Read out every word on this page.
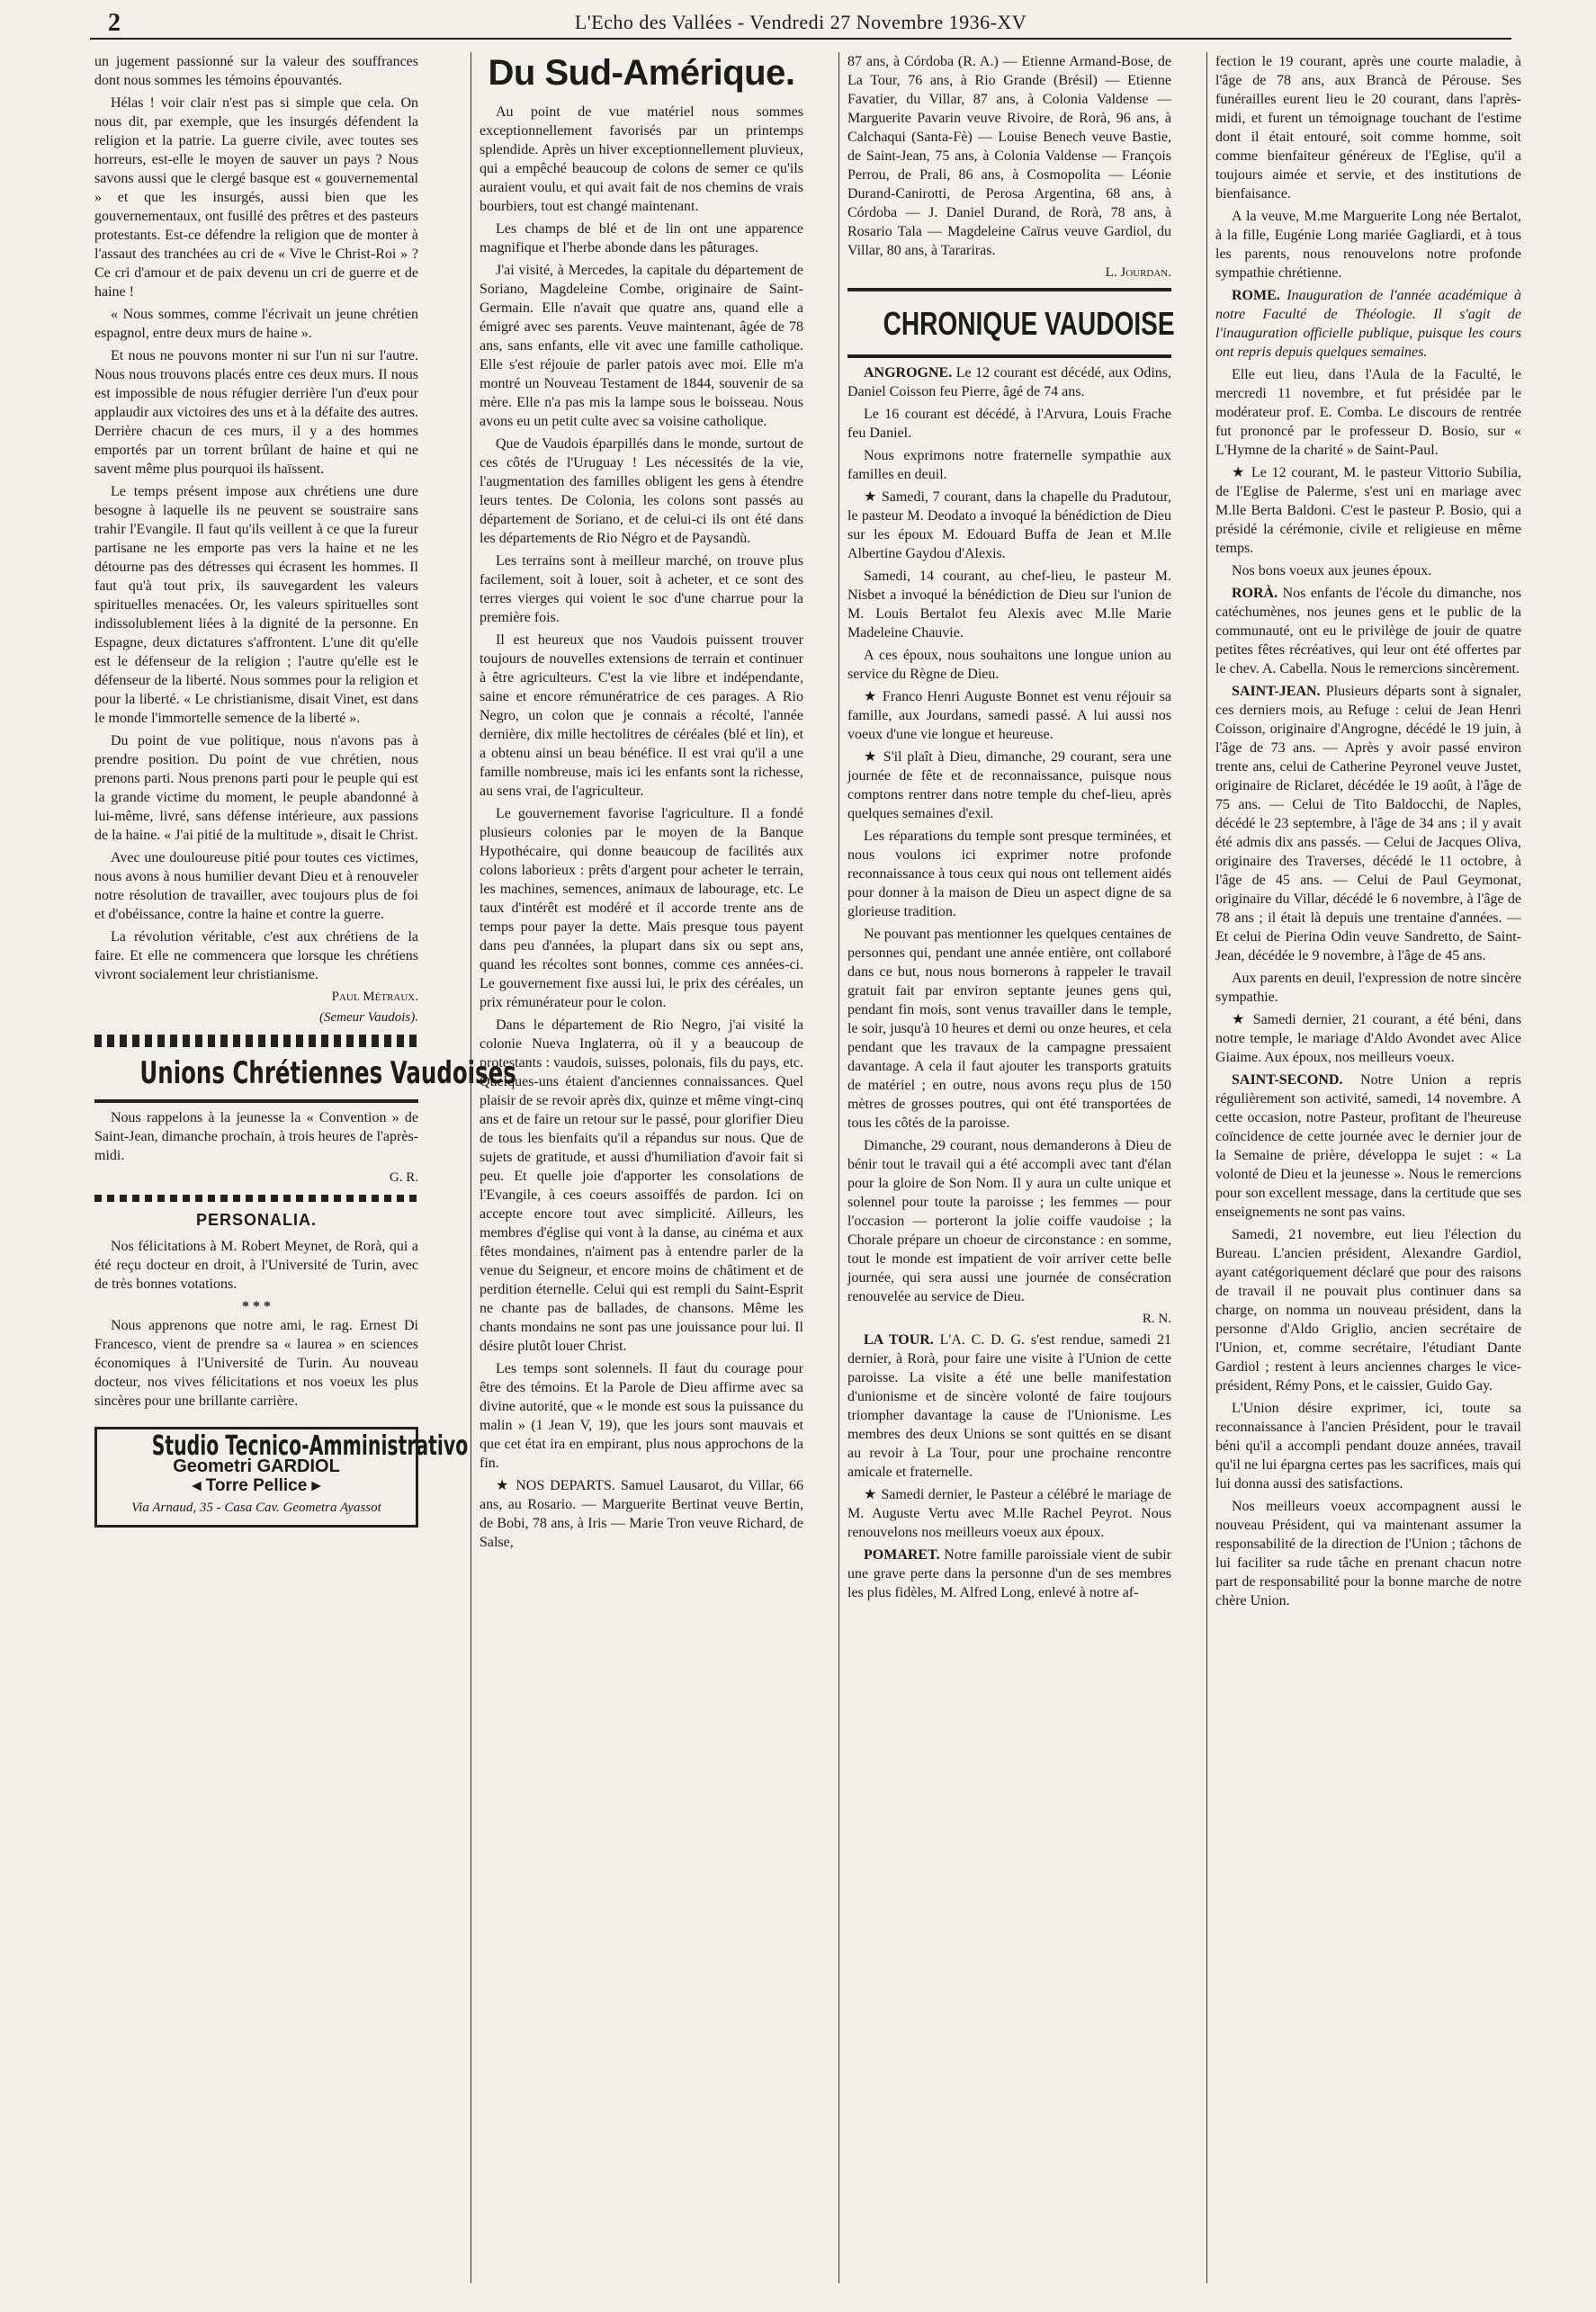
2	L'Echo des Vallées - Vendredi 27 Novembre 1936-XV

un jugement passionné sur la valeur des souffrances dont nous sommes les témoins épouvantés.

Hélas ! voir clair n'est pas si simple que cela. On nous dit, par exemple, que les insurgés défendent la religion et la patrie. La guerre civile, avec toutes ses horreurs, est-elle le moyen de sauver un pays ? Nous savons aussi que le clergé basque est « gouvernemental » et que les insurgés, aussi bien que les gouvernementaux, ont fusillé des prêtres et des pasteurs protestants. Est-ce défendre la religion que de monter à l'assaut des tranchées au cri de « Vive le Christ-Roi » ? Ce cri d'amour et de paix devenu un cri de guerre et de haine !

« Nous sommes, comme l'écrivait un jeune chrétien espagnol, entre deux murs de haine ».

Et nous ne pouvons monter ni sur l'un ni sur l'autre. Nous nous trouvons placés entre ces deux murs. Il nous est impossible de nous réfugier derrière l'un d'eux pour applaudir aux victoires des uns et à la défaite des autres. Derrière chacun de ces murs, il y a des hommes emportés par un torrent brûlant de haine et qui ne savent même plus pourquoi ils haïssent.

Le temps présent impose aux chrétiens une dure besogne à laquelle ils ne peuvent se soustraire sans trahir l'Evangile. Il faut qu'ils veillent à ce que la fureur partisane ne les emporte pas vers la haine et ne les détourne pas des détresses qui écrasent les hommes. Il faut qu'à tout prix, ils sauvegardent les valeurs spirituelles menacées. Or, les valeurs spirituelles sont indissolublement liées à la dignité de la personne. En Espagne, deux dictatures s'affrontent. L'une dit qu'elle est le défenseur de la religion ; l'autre qu'elle est le défenseur de la liberté. Nous sommes pour la religion et pour la liberté. « Le christianisme, disait Vinet, est dans le monde l'immortelle semence de la liberté ».

Du point de vue politique, nous n'avons pas à prendre position. Du point de vue chrétien, nous prenons parti. Nous prenons parti pour le peuple qui est la grande victime du moment, le peuple abandonné à lui-même, livré, sans défense intérieure, aux passions de la haine. « J'ai pitié de la multitude », disait le Christ.

Avec une douloureuse pitié pour toutes ces victimes, nous avons à nous humilier devant Dieu et à renouveler notre résolution de travailler, avec toujours plus de foi et d'obéissance, contre la haine et contre la guerre.

La révolution véritable, c'est aux chrétiens de la faire. Et elle ne commencera que lorsque les chrétiens vivront socialement leur christianisme.

Paul Métraux.
(Semeur Vaudois).
Unions Chrétiennes Vaudoises

Nous rappelons à la jeunesse la « Convention » de Saint-Jean, dimanche prochain, à trois heures de l'après-midi.

G. R.
PERSONALIA.

Nos félicitations à M. Robert Meynet, de Rorà, qui a été reçu docteur en droit, à l'Université de Turin, avec de très bonnes votations.

* * *

Nous apprenons que notre ami, le rag. Ernest Di Francesco, vient de prendre sa « laurea » en sciences économiques à l'Université de Turin. Au nouveau docteur, nos vives félicitations et nos voeux les plus sincères pour une brillante carrière.

Studio Tecnico-Amministrativo
Geometri GARDIOL
◂ Torre Pellice ▸
Via Arnaud, 35 - Casa Cav. Geometra Ayassot
Du Sud-Amérique.

Au point de vue matériel nous sommes exceptionnellement favorisés par un printemps splendide. Après un hiver exceptionnellement pluvieux, qui a empêché beaucoup de colons de semer ce qu'ils auraient voulu, et qui avait fait de nos chemins de vrais bourbiers, tout est changé maintenant.

Les champs de blé et de lin ont une apparence magnifique et l'herbe abonde dans les pâturages.

J'ai visité, à Mercedes, la capitale du département de Soriano, Magdeleine Combe, originaire de Saint-Germain. Elle n'avait que quatre ans, quand elle a émigré avec ses parents. Veuve maintenant, âgée de 78 ans, sans enfants, elle vit avec une famille catholique. Elle s'est réjouie de parler patois avec moi. Elle m'a montré un Nouveau Testament de 1844, souvenir de sa mère. Elle n'a pas mis la lampe sous le boisseau. Nous avons eu un petit culte avec sa voisine catholique.

Que de Vaudois éparpillés dans le monde, surtout de ces côtés de l'Uruguay ! Les nécessités de la vie, l'augmentation des familles obligent les gens à étendre leurs tentes. De Colonia, les colons sont passés au département de Soriano, et de celui-ci ils ont été dans les départements de Rio Négro et de Paysandù.

Les terrains sont à meilleur marché, on trouve plus facilement, soit à louer, soit à acheter, et ce sont des terres vierges qui voient le soc d'une charrue pour la première fois.

Il est heureux que nos Vaudois puissent trouver toujours de nouvelles extensions de terrain et continuer à être agriculteurs. C'est la vie libre et indépendante, saine et encore rémunératrice de ces parages. A Rio Negro, un colon que je connais a récolté, l'année dernière, dix mille hectolitres de céréales (blé et lin), et a obtenu ainsi un beau bénéfice. Il est vrai qu'il a une famille nombreuse, mais ici les enfants sont la richesse, au sens vrai, de l'agriculteur.

Le gouvernement favorise l'agriculture. Il a fondé plusieurs colonies par le moyen de la Banque Hypothécaire, qui donne beaucoup de facilités aux colons laborieux : prêts d'argent pour acheter le terrain, les machines, semences, animaux de labourage, etc. Le taux d'intérêt est modéré et il accorde trente ans de temps pour payer la dette. Mais presque tous payent dans peu d'années, la plupart dans six ou sept ans, quand les récoltes sont bonnes, comme ces années-ci. Le gouvernement fixe aussi lui, le prix des céréales, un prix rémunérateur pour le colon.

Dans le département de Rio Negro, j'ai visité la colonie Nueva Inglaterra, où il y a beaucoup de protestants : vaudois, suisses, polonais, fils du pays, etc. Quelques-uns étaient d'anciennes connaissances. Quel plaisir de se revoir après dix, quinze et même vingt-cinq ans et de faire un retour sur le passé, pour glorifier Dieu de tous les bienfaits qu'il a répandus sur nous. Que de sujets de gratitude, et aussi d'humiliation d'avoir fait si peu. Et quelle joie d'apporter les consolations de l'Evangile, à ces coeurs assoiffés de pardon. Ici on accepte encore tout avec simplicité. Ailleurs, les membres d'église qui vont à la danse, au cinéma et aux fêtes mondaines, n'aiment pas à entendre parler de la venue du Seigneur, et encore moins de châtiment et de perdition éternelle. Celui qui est rempli du Saint-Esprit ne chante pas de ballades, de chansons. Même les chants mondains ne sont pas une jouissance pour lui. Il désire plutôt louer Christ.

Les temps sont solennels. Il faut du courage pour être des témoins. Et la Parole de Dieu affirme avec sa divine autorité, que « le monde est sous la puissance du malin » (1 Jean V, 19), que les jours sont mauvais et que cet état ira en empirant, plus nous approchons de la fin.

★ NOS DEPARTS. Samuel Lausarot, du Villar, 66 ans, au Rosario. — Marguerite Bertinat veuve Bertin, de Bobi, 78 ans, à Iris — Marie Tron veuve Richard, de Salse,

87 ans, à Córdoba (R. A.) — Etienne Armand-Bose, de La Tour, 76 ans, à Rio Grande (Brésil) — Etienne Favatier, du Villar, 87 ans, à Colonia Valdense — Marguerite Pavarin veuve Rivoire, de Rorà, 96 ans, à Calchaqui (Santa-Fè) — Louise Benech veuve Bastie, de Saint-Jean, 75 ans, à Colonia Valdense — François Perrou, de Prali, 86 ans, à Cosmopolita — Léonie Durand-Canirotti, de Perosa Argentina, 68 ans, à Córdoba — J. Daniel Durand, de Rorà, 78 ans, à Rosario Tala — Magdeleine Caïrus veuve Gardiol, du Villar, 80 ans, à Tarariras.

L. Jourdan.
CHRONIQUE VAUDOISE

ANGROGNE. Le 12 courant est décédé, aux Odins, Daniel Coisson feu Pierre, âgé de 74 ans.

Le 16 courant est décédé, à l'Arvura, Louis Frache feu Daniel.

Nous exprimons notre fraternelle sympathie aux familles en deuil.

★ Samedi, 7 courant, dans la chapelle du Pradutour, le pasteur M. Deodato a invoqué la bénédiction de Dieu sur les époux M. Edouard Buffa de Jean et M.lle Albertine Gaydou d'Alexis.

Samedi, 14 courant, au chef-lieu, le pasteur M. Nisbet a invoqué la bénédiction de Dieu sur l'union de M. Louis Bertalot feu Alexis avec M.lle Marie Madeleine Chauvie.

A ces époux, nous souhaitons une longue union au service du Règne de Dieu.

★ Franco Henri Auguste Bonnet est venu réjouir sa famille, aux Jourdans, samedi passé. A lui aussi nos voeux d'une vie longue et heureuse.

★ S'il plaît à Dieu, dimanche, 29 courant, sera une journée de fête et de reconnaissance, puisque nous comptons rentrer dans notre temple du chef-lieu, après quelques semaines d'exil.

Les réparations du temple sont presque terminées, et nous voulons ici exprimer notre profonde reconnaissance à tous ceux qui nous ont tellement aidés pour donner à la maison de Dieu un aspect digne de sa glorieuse tradition.

Ne pouvant pas mentionner les quelques centaines de personnes qui, pendant une année entière, ont collaboré dans ce but, nous nous bornerons à rappeler le travail gratuit fait par environ septante jeunes gens qui, pendant fin mois, sont venus travailler dans le temple, le soir, jusqu'à 10 heures et demi ou onze heures, et cela pendant que les travaux de la campagne pressaient davantage. A cela il faut ajouter les transports gratuits de matériel ; en outre, nous avons reçu plus de 150 mètres de grosses poutres, qui ont été transportées de tous les côtés de la paroisse.

Dimanche, 29 courant, nous demanderons à Dieu de bénir tout le travail qui a été accompli avec tant d'élan pour la gloire de Son Nom. Il y aura un culte unique et solennel pour toute la paroisse ; les femmes — pour l'occasion — porteront la jolie coiffe vaudoise ; la Chorale prépare un choeur de circonstance : en somme, tout le monde est impatient de voir arriver cette belle journée, qui sera aussi une journée de consécration renouvelée au service de Dieu.

R. N.

LA TOUR. L'A. C. D. G. s'est rendue, samedi 21 dernier, à Rorà, pour faire une visite à l'Union de cette paroisse. La visite a été une belle manifestation d'unionisme et de sincère volonté de faire toujours triompher davantage la cause de l'Unionisme. Les membres des deux Unions se sont quittés en se disant au revoir à La Tour, pour une prochaine rencontre amicale et fraternelle.

★ Samedi dernier, le Pasteur a célébré le mariage de M. Auguste Vertu avec M.lle Rachel Peyrot. Nous renouvelons nos meilleurs voeux aux époux.

POMARET. Notre famille paroissiale vient de subir une grave perte dans la personne d'un de ses membres les plus fidèles, M. Alfred Long, enlevé à notre af-

fection le 19 courant, après une courte maladie, à l'âge de 78 ans, aux Brancà de Pérouse. Ses funérailles eurent lieu le 20 courant, dans l'après-midi, et furent un témoignage touchant de l'estime dont il était entouré, soit comme homme, soit comme bienfaiteur généreux de l'Eglise, qu'il a toujours aimée et servie, et des institutions de bienfaisance.

A la veuve, M.me Marguerite Long née Bertalot, à la fille, Eugénie Long mariée Gagliardi, et à tous les parents, nous renouvelons notre profonde sympathie chrétienne.

ROME. Inauguration de l'année académique à notre Faculté de Théologie. Il s'agit de l'inauguration officielle publique, puisque les cours ont repris depuis quelques semaines.

Elle eut lieu, dans l'Aula de la Faculté, le mercredi 11 novembre, et fut présidée par le modérateur prof. E. Comba. Le discours de rentrée fut prononcé par le professeur D. Bosio, sur « L'Hymne de la charité » de Saint-Paul.

★ Le 12 courant, M. le pasteur Vittorio Subilia, de l'Eglise de Palerme, s'est uni en mariage avec M.lle Berta Baldoni. C'est le pasteur P. Bosio, qui a présidé la cérémonie, civile et religieuse en même temps.

Nos bons voeux aux jeunes époux.

RORÀ. Nos enfants de l'école du dimanche, nos catéchumènes, nos jeunes gens et le public de la communauté, ont eu le privilège de jouir de quatre petites fêtes récréatives, qui leur ont été offertes par le chev. A. Cabella. Nous le remercions sincèrement.

SAINT-JEAN. Plusieurs départs sont à signaler, ces derniers mois, au Refuge : celui de Jean Henri Coisson, originaire d'Angrogne, décédé le 19 juin, à l'âge de 73 ans. — Après y avoir passé environ trente ans, celui de Catherine Peyronel veuve Justet, originaire de Riclaret, décédée le 19 août, à l'âge de 75 ans. — Celui de Tito Baldocchi, de Naples, décédé le 23 septembre, à l'âge de 34 ans ; il y avait été admis dix ans passés. — Celui de Jacques Oliva, originaire des Traverses, décédé le 11 octobre, à l'âge de 45 ans. — Celui de Paul Geymonat, originaire du Villar, décédé le 6 novembre, à l'âge de 78 ans ; il était là depuis une trentaine d'années. — Et celui de Pierina Odin veuve Sandretto, de Saint-Jean, décédée le 9 novembre, à l'âge de 45 ans.

Aux parents en deuil, l'expression de notre sincère sympathie.

★ Samedi dernier, 21 courant, a été béni, dans notre temple, le mariage d'Aldo Avondet avec Alice Giaime. Aux époux, nos meilleurs voeux.

SAINT-SECOND. Notre Union a repris régulièrement son activité, samedi, 14 novembre. A cette occasion, notre Pasteur, profitant de l'heureuse coïncidence de cette journée avec le dernier jour de la Semaine de prière, développa le sujet : « La volonté de Dieu et la jeunesse ». Nous le remercions pour son excellent message, dans la certitude que ses enseignements ne sont pas vains.

Samedi, 21 novembre, eut lieu l'élection du Bureau. L'ancien président, Alexandre Gardiol, ayant catégoriquement déclaré que pour des raisons de travail il ne pouvait plus continuer dans sa charge, on nomma un nouveau président, dans la personne d'Aldo Griglio, ancien secrétaire de l'Union, et, comme secrétaire, l'étudiant Dante Gardiol ; restent à leurs anciennes charges le vice-président, Rémy Pons, et le caissier, Guido Gay.

L'Union désire exprimer, ici, toute sa reconnaissance à l'ancien Président, pour le travail béni qu'il a accompli pendant douze années, travail qu'il ne lui épargna certes pas les sacrifices, mais qui lui donna aussi des satisfactions.

Nos meilleurs voeux accompagnent aussi le nouveau Président, qui va maintenant assumer la responsabilité de la direction de l'Union ; tâchons de lui faciliter sa rude tâche en prenant chacun notre part de responsabilité pour la bonne marche de notre chère Union.
